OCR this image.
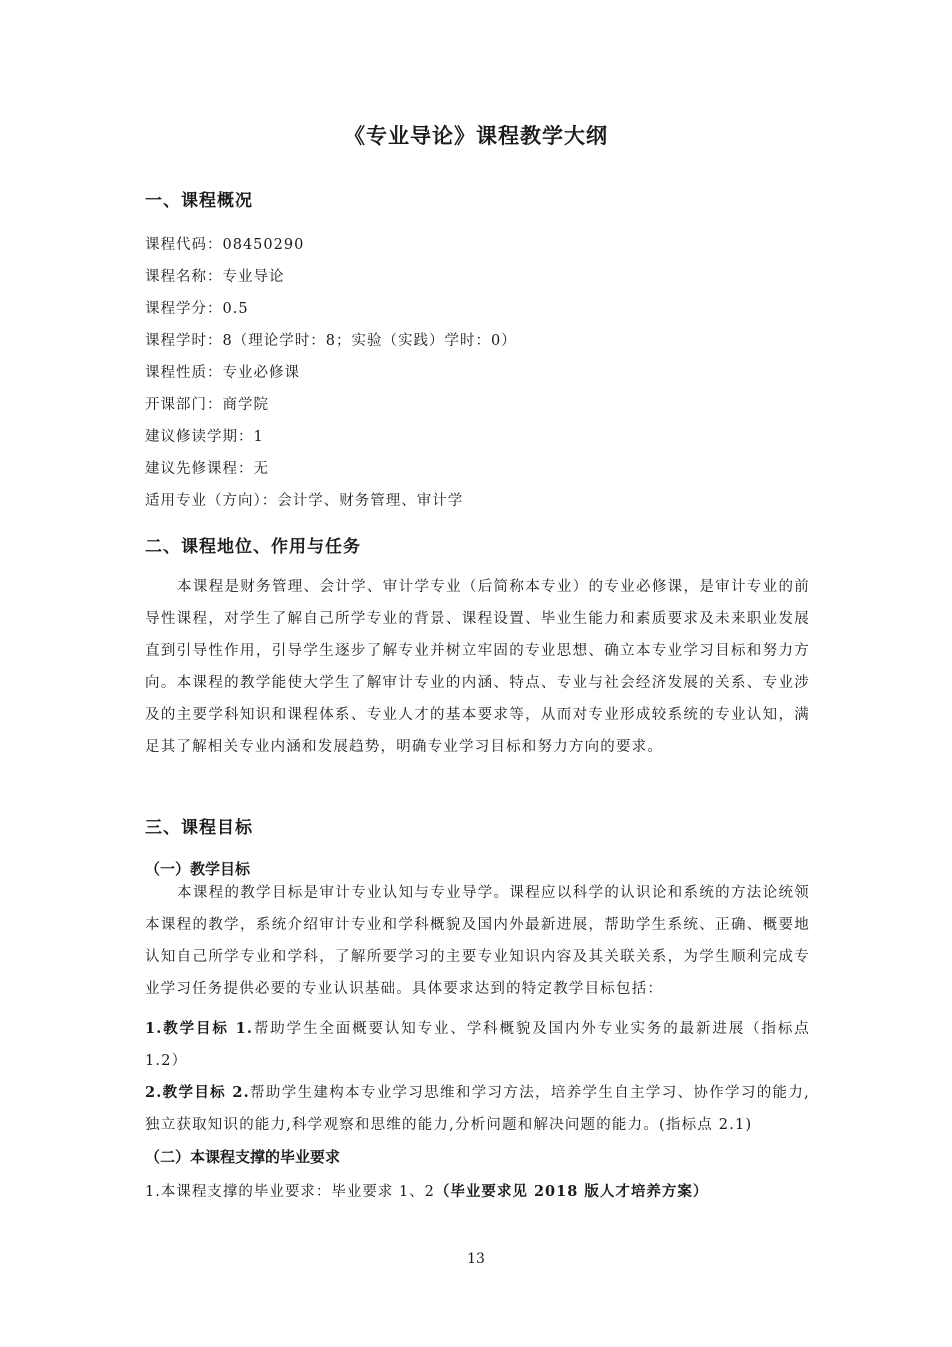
《专业导论》课程教学大纲
一、课程概况
课程代码：08450290
课程名称：专业导论
课程学分：0.5
课程学时：8（理论学时：8；实验（实践）学时：0）
课程性质：专业必修课
开课部门：商学院
建议修读学期：1
建议先修课程：无
适用专业（方向）：会计学、财务管理、审计学
二、课程地位、作用与任务

本课程是财务管理、会计学、审计学专业（后简称本专业）的专业必修课，是审计专业的前导性课程，对学生了解自己所学专业的背景、课程设置、毕业生能力和素质要求及未来职业发展直到引导性作用，引导学生逐步了解专业并树立牢固的专业思想、确立本专业学习目标和努力方向。本课程的教学能使大学生了解审计专业的内涵、特点、专业与社会经济发展的关系、专业涉及的主要学科知识和课程体系、专业人才的基本要求等，从而对专业形成较系统的专业认知，满足其了解相关专业内涵和发展趋势，明确专业学习目标和努力方向的要求。

三、课程目标
（一）教学目标

本课程的教学目标是审计专业认知与专业导学。课程应以科学的认识论和系统的方法论统领本课程的教学，系统介绍审计专业和学科概貌及国内外最新进展，帮助学生系统、正确、概要地认知自己所学专业和学科，了解所要学习的主要专业知识内容及其关联关系，为学生顺利完成专业学习任务提供必要的专业认识基础。具体要求达到的特定教学目标包括：

1.教学目标 1.帮助学生全面概要认知专业、学科概貌及国内外专业实务的最新进展（指标点 1.2）

2.教学目标 2.帮助学生建构本专业学习思维和学习方法，培养学生自主学习、协作学习的能力,独立获取知识的能力,科学观察和思维的能力,分析问题和解决问题的能力。(指标点 2.1)

（二）本课程支撑的毕业要求
1.本课程支撑的毕业要求：毕业要求 1、2（毕业要求见 2018 版人才培养方案）
13
